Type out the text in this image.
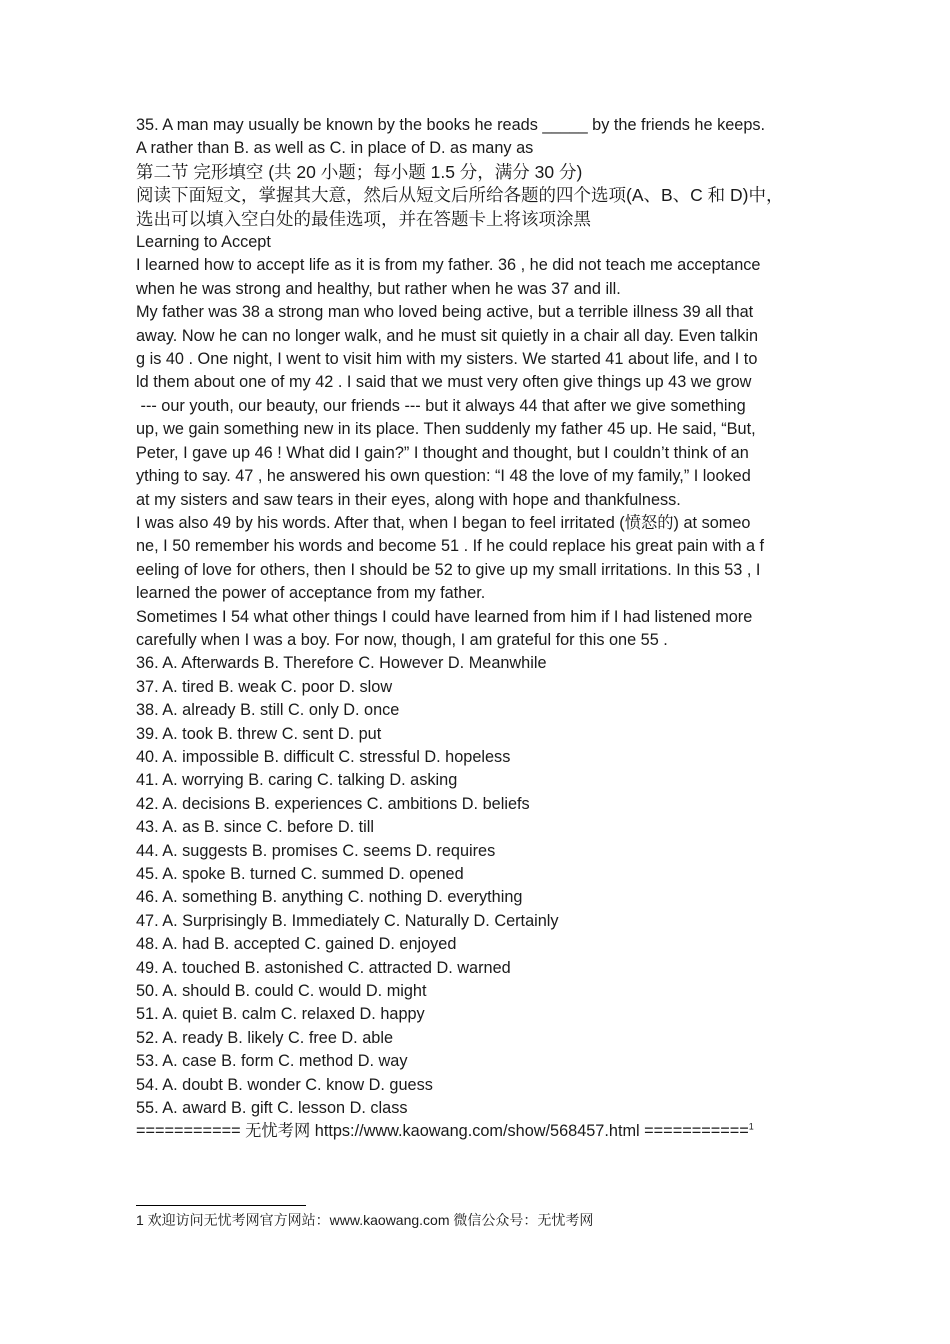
35. A man may usually be known by the books he reads _____ by the friends he keeps.
A rather than B. as well as C. in place of D. as many as
第二节 完形填空 (共 20 小题；每小题 1.5 分，满分 30 分)
阅读下面短文，掌握其大意，然后从短文后所给各题的四个选项(A、B、C 和 D)中，
选出可以填入空白处的最佳选项，并在答题卡上将该项涂黑
Learning to Accept
I learned how to accept life as it is from my father. 36 , he did not teach me acceptance
when he was strong and healthy, but rather when he was 37 and ill.
My father was 38 a strong man who loved being active, but a terrible illness 39 all that
away. Now he can no longer walk, and he must sit quietly in a chair all day. Even talkin
g is 40 . One night, I went to visit him with my sisters. We started 41 about life, and I to
ld them about one of my 42 . I said that we must very often give things up 43 we grow
--- our youth, our beauty, our friends --- but it always 44 that after we give something
up, we gain something new in its place. Then suddenly my father 45 up. He said, “But,
Peter, I gave up 46 ! What did I gain?” I thought and thought, but I couldn’t think of an
ything to say. 47 , he answered his own question: “I 48 the love of my family,” I looked
at my sisters and saw tears in their eyes, along with hope and thankfulness.
I was also 49 by his words. After that, when I began to feel irritated (愤怒的) at someo
ne, I 50 remember his words and become 51 . If he could replace his great pain with a f
eeling of love for others, then I should be 52 to give up my small irritations. In this 53 , I
learned the power of acceptance from my father.
Sometimes I 54 what other things I could have learned from him if I had listened more
carefully when I was a boy. For now, though, I am grateful for this one 55 .
36. A. Afterwards B. Therefore C. However D. Meanwhile
37. A. tired B. weak C. poor D. slow
38. A. already B. still C. only D. once
39. A. took B. threw C. sent D. put
40. A. impossible B. difficult C. stressful D. hopeless
41. A. worrying B. caring C. talking D. asking
42. A. decisions B. experiences C. ambitions D. beliefs
43. A. as B. since C. before D. till
44. A. suggests B. promises C. seems D. requires
45. A. spoke B. turned C. summed D. opened
46. A. something B. anything C. nothing D. everything
47. A. Surprisingly B. Immediately C. Naturally D. Certainly
48. A. had B. accepted C. gained D. enjoyed
49. A. touched B. astonished C. attracted D. warned
50. A. should B. could C. would D. might
51. A. quiet B. calm C. relaxed D. happy
52. A. ready B. likely C. free D. able
53. A. case B. form C. method D. way
54. A. doubt B. wonder C. know D. guess
55. A. award B. gift C. lesson D. class
=========== 无忧考网 https://www.kaowang.com/show/568457.html ===========$^1$
1 欢迎访问无忧考网官方网站：www.kaowang.com 微信公众号：无忧考网
